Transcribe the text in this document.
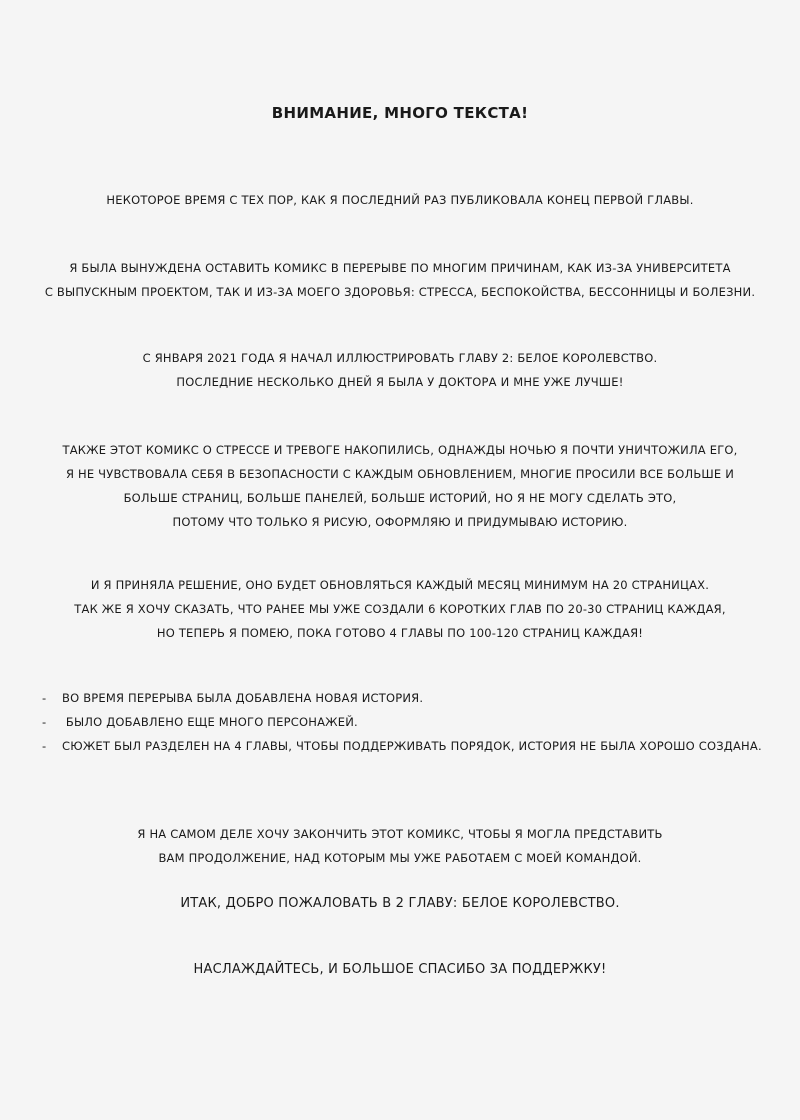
ВНИМАНИЕ, МНОГО ТЕКСТА!
НЕКОТОРОЕ ВРЕМЯ С ТЕХ ПОР, КАК Я ПОСЛЕДНИЙ РАЗ ПУБЛИКОВАЛА КОНЕЦ ПЕРВОЙ ГЛАВЫ.
Я БЫЛА ВЫНУЖДЕНА ОСТАВИТЬ КОМИКС В ПЕРЕРЫВЕ ПО МНОГИМ ПРИЧИНАМ, КАК ИЗ-ЗА УНИВЕРСИТЕТА
С ВЫПУСКНЫМ ПРОЕКТОМ, ТАК И ИЗ-ЗА МОЕГО ЗДОРОВЬЯ: СТРЕССА, БЕСПОКОЙСТВА, БЕССОННИЦЫ И БОЛЕЗНИ.
С ЯНВАРЯ 2021 ГОДА Я НАЧАЛ ИЛЛЮСТРИРОВАТЬ ГЛАВУ 2: БЕЛОЕ КОРОЛЕВСТВО.
ПОСЛЕДНИЕ НЕСКОЛЬКО ДНЕЙ Я БЫЛА У ДОКТОРА И МНЕ УЖЕ ЛУЧШЕ!
ТАКЖЕ ЭТОТ КОМИКС О СТРЕССЕ И ТРЕВОГЕ НАКОПИЛИСЬ, ОДНАЖДЫ НОЧЬЮ Я ПОЧТИ УНИЧТОЖИЛА ЕГО,
Я НЕ ЧУВСТВОВАЛА СЕБЯ В БЕЗОПАСНОСТИ С КАЖДЫМ ОБНОВЛЕНИЕМ, МНОГИЕ ПРОСИЛИ ВСЕ БОЛЬШЕ И
БОЛЬШЕ СТРАНИЦ, БОЛЬШЕ ПАНЕЛЕЙ, БОЛЬШЕ ИСТОРИЙ, НО Я НЕ МОГУ СДЕЛАТЬ ЭТО,
ПОТОМУ ЧТО ТОЛЬКО Я РИСУЮ, ОФОРМЛЯЮ И ПРИДУМЫВАЮ ИСТОРИЮ.
И Я ПРИНЯЛА РЕШЕНИЕ, ОНО БУДЕТ ОБНОВЛЯТЬСЯ КАЖДЫЙ МЕСЯЦ МИНИМУМ НА 20 СТРАНИЦАХ.
ТАК ЖЕ Я ХОЧУ СКАЗАТЬ, ЧТО РАНЕЕ МЫ УЖЕ СОЗДАЛИ 6 КОРОТКИХ ГЛАВ ПО 20-30 СТРАНИЦ КАЖДАЯ,
НО ТЕПЕРЬ Я ПОМЕЮ, ПОКА ГОТОВО 4 ГЛАВЫ ПО 100-120 СТРАНИЦ КАЖДАЯ!
-	ВО ВРЕМЯ ПЕРЕРЫВА БЫЛА ДОБАВЛЕНА НОВАЯ ИСТОРИЯ.
-	БЫЛО ДОБАВЛЕНО ЕЩЕ МНОГО ПЕРСОНАЖЕЙ.
-	СЮЖЕТ БЫЛ РАЗДЕЛЕН НА 4 ГЛАВЫ, ЧТОБЫ ПОДДЕРЖИВАТЬ ПОРЯДОК, ИСТОРИЯ НЕ БЫЛА ХОРОШО СОЗДАНА.
Я НА САМОМ ДЕЛЕ ХОЧУ ЗАКОНЧИТЬ ЭТОТ КОМИКС, ЧТОБЫ Я МОГЛА ПРЕДСТАВИТЬ
ВАМ ПРОДОЛЖЕНИЕ, НАД КОТОРЫМ МЫ УЖЕ РАБОТАЕМ С МОЕЙ КОМАНДОЙ.
ИТАК, ДОБРО ПОЖАЛОВАТЬ В 2 ГЛАВУ: БЕЛОЕ КОРОЛЕВСТВО.
НАСЛАЖДАЙТЕСЬ, И БОЛЬШОЕ СПАСИБО ЗА ПОДДЕРЖКУ!
